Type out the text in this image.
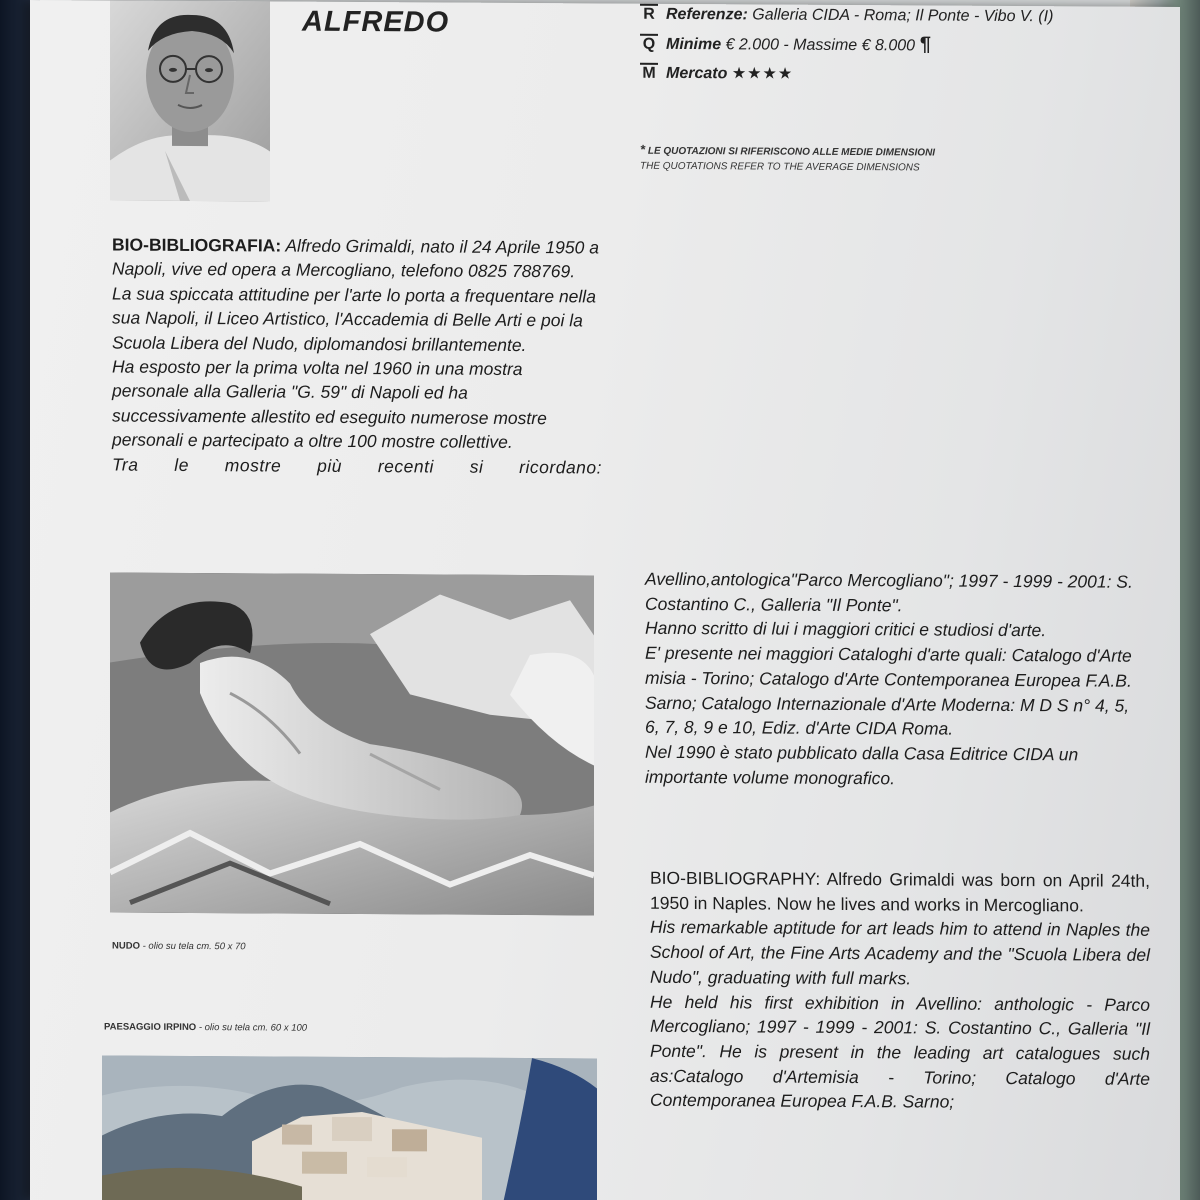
ALFREDO	R Referenze: Galleria CIDA - Roma; Il Ponte - Vibo V. (I)
Q Minime € 2.000 - Massime € 8.000 ¶
M Mercato ★★★★
* LE QUOTAZIONI SI RIFERISCONO ALLE MEDIE DIMENSIONI
THE QUOTATIONS REFER TO THE AVERAGE DIMENSIONS

BIO-BIBLIOGRAFIA: Alfredo Grimaldi, nato il 24 Aprile 1950 a Napoli, vive ed opera a Mercogliano, telefono 0825 788769.

La sua spiccata attitudine per l'arte lo porta a frequentare nella sua Napoli, il Liceo Artistico, l'Accademia di Belle Arti e poi la Scuola Libera del Nudo, diplomandosi brillantemente.

Ha esposto per la prima volta nel 1960 in una mostra personale alla Galleria "G. 59" di Napoli ed ha successivamente allestito ed eseguito numerose mostre personali e partecipato a oltre 100 mostre collettive.

Tra le mostre più recenti si ricordano:

NUDO - olio su tela cm. 50 x 70
PAESAGGIO IRPINO - olio su tela cm. 60 x 100

Avellino,antologica"Parco Mercogliano"; 1997 - 1999 - 2001: S. Costantino C., Galleria "Il Ponte".

Hanno scritto di lui i maggiori critici e studiosi d'arte.

E' presente nei maggiori Cataloghi d'arte quali: Catalogo d'Arte misia - Torino; Catalogo d'Arte Contemporanea Europea F.A.B. Sarno; Catalogo Internazionale d'Arte Moderna: M D S n° 4, 5, 6, 7, 8, 9 e 10, Ediz. d'Arte CIDA Roma.

Nel 1990 è stato pubblicato dalla Casa Editrice CIDA un importante volume monografico.

BIO-BIBLIOGRAPHY: Alfredo Grimaldi was born on April 24th, 1950 in Naples. Now he lives and works in Mercogliano.

His remarkable aptitude for art leads him to attend in Naples the School of Art, the Fine Arts Academy and the "Scuola Libera del Nudo", graduating with full marks.

He held his first exhibition in Avellino: anthologic - Parco Mercogliano; 1997 - 1999 - 2001: S. Costantino C., Galleria "Il Ponte". He is present in the leading art catalogues such as:Catalogo d'Artemisia - Torino; Catalogo d'Arte Contemporanea Europea F.A.B. Sarno;
